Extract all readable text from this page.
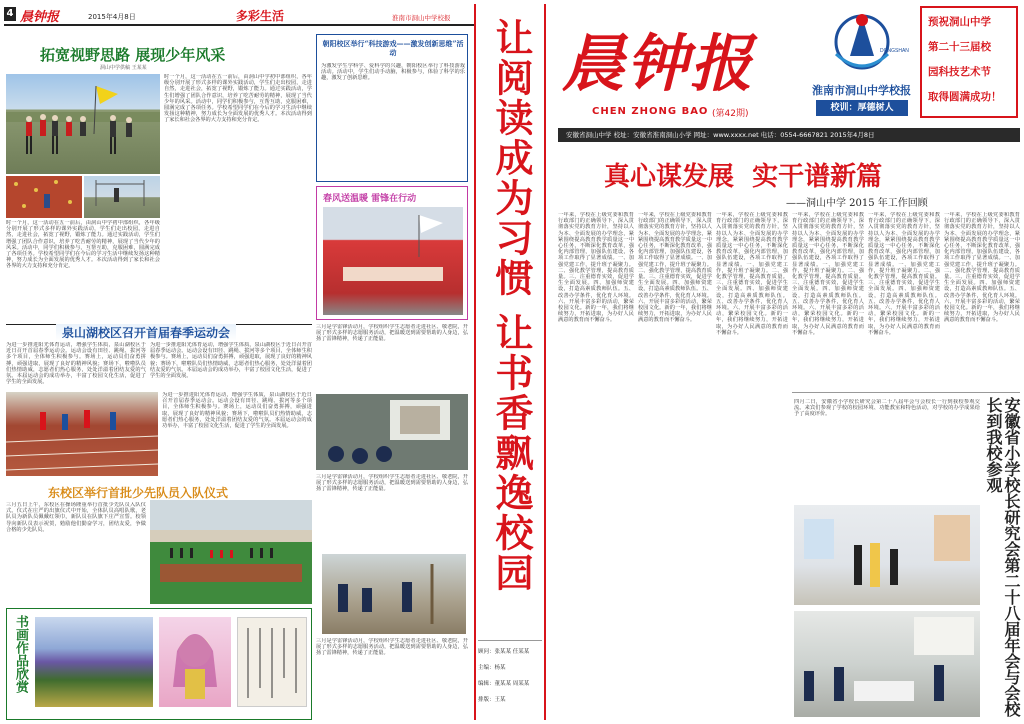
4 晨钟报	2015年4月8日	多彩生活	淮南市洞山中学校报
拓宽视野思路 展现少年风采
洞山中学供稿 王某某
时一个月，这一活动在五一前后，由洞山中学初中部组织，各年级分别开展了形式多样的课外实践活动，学生们走出校园，走进自然，走进社会，拓宽了视野，锻炼了能力。通过实践活动，学生们增强了团队合作意识，培养了吃苦耐劳的精神，展现了当代少年的风采。活动中，同学们积极参与，互帮互助，克服困难，圆满完成了各项任务。学校希望同学们在今后的学习生活中继续发扬这种精神，努力成长为全面发展的优秀人才。本次活动得到了家长和社会各界的大力支持和充分肯定。
时一个月，这一活动在五一前后，由洞山中学初中部组织，各年级分别开展了形式多样的课外实践活动，学生们走出校园，走进自然，走进社会，拓宽了视野，锻炼了能力。通过实践活动，学生们增强了团队合作意识，培养了吃苦耐劳的精神，展现了当代少年的风采。活动中，同学们积极参与，互帮互助，克服困难，圆满完成了各项任务。学校希望同学们在今后的学习生活中继续发扬这种精神，努力成长为全面发展的优秀人才。本次活动得到了家长和社会各界的大力支持和充分肯定。
泉山湖校区召开首届春季运动会
为进一步推进阳光体育运动，增强学生体质，泉山湖校区于近日召开首届春季运动会。运动会设有田径、跳绳、拔河等多个项目，全体师生积极参与。赛场上，运动员们奋勇拼搏，顽强进取，展现了良好的精神风貌；赛场下，啦啦队员们热情助威，志愿者们热心服务，处处洋溢着团结友爱的气氛。本届运动会的成功举办，丰富了校园文化生活，促进了学生的全面发展。
为进一步推进阳光体育运动，增强学生体质，泉山湖校区于近日召开首届春季运动会。运动会设有田径、跳绳、拔河等多个项目，全体师生积极参与。赛场上，运动员们奋勇拼搏，顽强进取，展现了良好的精神风貌；赛场下，啦啦队员们热情助威，志愿者们热心服务，处处洋溢着团结友爱的气氛。本届运动会的成功举办，丰富了校园文化生活，促进了学生的全面发展。
为进一步推进阳光体育运动，增强学生体质，泉山湖校区于近日召开首届春季运动会。运动会设有田径、跳绳、拔河等多个项目，全体师生积极参与。赛场上，运动员们奋勇拼搏，顽强进取，展现了良好的精神风貌；赛场下，啦啦队员们热情助威，志愿者们热心服务，处处洋溢着团结友爱的气氛。本届运动会的成功举办，丰富了校园文化生活，促进了学生的全面发展。
东校区举行首批少先队员入队仪式
三月五日上午，东校区在操场隆重举行首批少先队员入队仪式。仪式在庄严的出旗仪式中开始，全体队员高唱队歌，老队员为新队员佩戴红领巾，新队员在队旗下庄严宣誓。校领导向新队员表示祝贺，勉励他们勤奋学习，团结友爱，争做合格的少先队员。
书画作品欣赏
朝阳校区举行“科技游戏——激发创新思维”活动
为激发学生学科学、爱科学的兴趣，朝阳校区举行了科技游戏活动。活动中，学生们动手动脑，积极参与，体验了科学的乐趣，激发了创新思维。
春风送温暖 雷锋在行动
三月是学雷锋活动月，学校组织学生志愿者走进社区、敬老院，开展了形式多样的志愿服务活动，把温暖送到需要帮助的人身边，弘扬了雷锋精神，传递了正能量。
三月是学雷锋活动月，学校组织学生志愿者走进社区、敬老院，开展了形式多样的志愿服务活动，把温暖送到需要帮助的人身边，弘扬了雷锋精神，传递了正能量。
三月是学雷锋活动月，学校组织学生志愿者走进社区、敬老院，开展了形式多样的志愿服务活动，把温暖送到需要帮助的人身边，弘扬了雷锋精神，传递了正能量。
让阅读成为习惯 让书香飘逸校园
顾问：张某某 任某某
主编：杨某
编辑：董某某 周某某
排版：王某
晨钟报
CHEN ZHONG BAO (第42期)
DONGSHAN
淮南市洞山中学校报
校训：厚德树人
预祝洞山中学
第二十三届校
园科技艺术节
取得圆满成功！
安徽省洞山中学 校址：安徽省淮南洞山小学 网址：www.xxxx.net 电话：0554-6667821 2015年4月8日
真心谋发展  实干谱新篇
——洞山中学 2015 年工作回顾
一年来，学校在上级党委和教育行政部门的正确领导下，深入贯彻落实党的教育方针，坚持以人为本、全面发展的办学理念，紧紧围绕提高教育教学质量这一中心任务，不断深化教育改革，强化内部管理，加强队伍建设，各项工作取得了显著成绩。一、加强党建工作，提升班子凝聚力。二、强化教学管理，提高教育质量。三、注重德育实效，促进学生全面发展。四、加强师资建设，打造高素质教师队伍。五、改善办学条件，优化育人环境。六、开展丰富多彩的活动，繁荣校园文化。新的一年，我们将继续努力，开拓进取，为办好人民满意的教育而不懈奋斗。
一年来，学校在上级党委和教育行政部门的正确领导下，深入贯彻落实党的教育方针，坚持以人为本、全面发展的办学理念，紧紧围绕提高教育教学质量这一中心任务，不断深化教育改革，强化内部管理，加强队伍建设，各项工作取得了显著成绩。一、加强党建工作，提升班子凝聚力。二、强化教学管理，提高教育质量。三、注重德育实效，促进学生全面发展。四、加强师资建设，打造高素质教师队伍。五、改善办学条件，优化育人环境。六、开展丰富多彩的活动，繁荣校园文化。新的一年，我们将继续努力，开拓进取，为办好人民满意的教育而不懈奋斗。
一年来，学校在上级党委和教育行政部门的正确领导下，深入贯彻落实党的教育方针，坚持以人为本、全面发展的办学理念，紧紧围绕提高教育教学质量这一中心任务，不断深化教育改革，强化内部管理，加强队伍建设，各项工作取得了显著成绩。一、加强党建工作，提升班子凝聚力。二、强化教学管理，提高教育质量。三、注重德育实效，促进学生全面发展。四、加强师资建设，打造高素质教师队伍。五、改善办学条件，优化育人环境。六、开展丰富多彩的活动，繁荣校园文化。新的一年，我们将继续努力，开拓进取，为办好人民满意的教育而不懈奋斗。
一年来，学校在上级党委和教育行政部门的正确领导下，深入贯彻落实党的教育方针，坚持以人为本、全面发展的办学理念，紧紧围绕提高教育教学质量这一中心任务，不断深化教育改革，强化内部管理，加强队伍建设，各项工作取得了显著成绩。一、加强党建工作，提升班子凝聚力。二、强化教学管理，提高教育质量。三、注重德育实效，促进学生全面发展。四、加强师资建设，打造高素质教师队伍。五、改善办学条件，优化育人环境。六、开展丰富多彩的活动，繁荣校园文化。新的一年，我们将继续努力，开拓进取，为办好人民满意的教育而不懈奋斗。
一年来，学校在上级党委和教育行政部门的正确领导下，深入贯彻落实党的教育方针，坚持以人为本、全面发展的办学理念，紧紧围绕提高教育教学质量这一中心任务，不断深化教育改革，强化内部管理，加强队伍建设，各项工作取得了显著成绩。一、加强党建工作，提升班子凝聚力。二、强化教学管理，提高教育质量。三、注重德育实效，促进学生全面发展。四、加强师资建设，打造高素质教师队伍。五、改善办学条件，优化育人环境。六、开展丰富多彩的活动，繁荣校园文化。新的一年，我们将继续努力，开拓进取，为办好人民满意的教育而不懈奋斗。
一年来，学校在上级党委和教育行政部门的正确领导下，深入贯彻落实党的教育方针，坚持以人为本、全面发展的办学理念，紧紧围绕提高教育教学质量这一中心任务，不断深化教育改革，强化内部管理，加强队伍建设，各项工作取得了显著成绩。一、加强党建工作，提升班子凝聚力。二、强化教学管理，提高教育质量。三、注重德育实效，促进学生全面发展。四、加强师资建设，打造高素质教师队伍。五、改善办学条件，优化育人环境。六、开展丰富多彩的活动，繁荣校园文化。新的一年，我们将继续努力，开拓进取，为办好人民满意的教育而不懈奋斗。
四月二日，安徽省小学校长研究会第二十八届年会与会校长一行到我校参观交流。来宾们参观了学校的校园环境、功能教室和特色活动，对学校的办学成果给予了高度评价。	安徽省小学校长研究会第二十八届年会与会校长到我校参观
